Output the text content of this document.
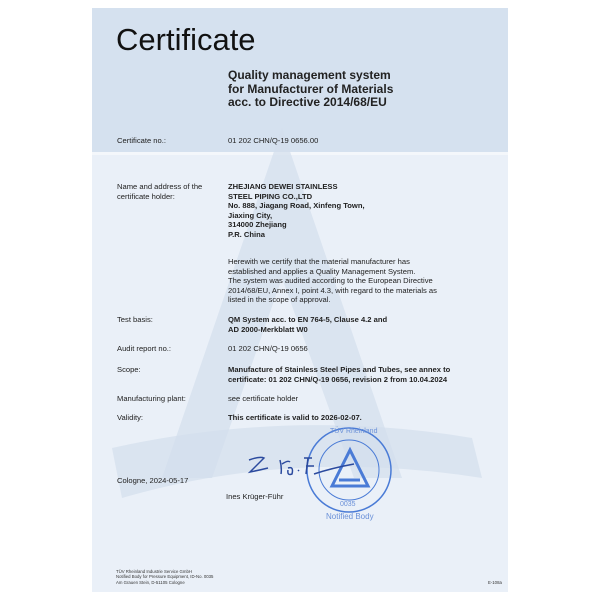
Certificate
Quality management system
for Manufacturer of Materials
acc. to Directive 2014/68/EU
Certificate no.:	01 202 CHN/Q-19 0656.00
Name and address of the
certificate holder:
ZHEJIANG DEWEI STAINLESS
STEEL PIPING CO.,LTD
No. 888, Jiagang Road, Xinfeng Town,
Jiaxing City,
314000 Zhejiang
P.R. China
Herewith we certify that the material manufacturer has
established and applies a Quality Management System.
The system was audited according to the European Directive
2014/68/EU, Annex I, point 4.3, with regard to the materials as
listed in the scope of approval.
Test basis:	QM System acc. to EN 764-5, Clause 4.2 and
AD 2000-Merkblatt W0
Audit report no.:	01 202 CHN/Q-19 0656
Scope:	Manufacture of Stainless Steel Pipes and Tubes, see annex to
certificate: 01 202 CHN/Q-19 0656, revision 2 from 10.04.2024
Manufacturing plant:	see certificate holder
Validity:	This certificate is valid to 2026-02-07.
Cologne, 2024-05-17
0035
Notified Body
TÜV Rheinland
Ines Krüger-Führ
TÜV Rheinland Industrie Service GmbH
Notified Body for Pressure Equipment, ID-No. 0035
Am Grauen Stein, D-51105 Cologne	E-108a
